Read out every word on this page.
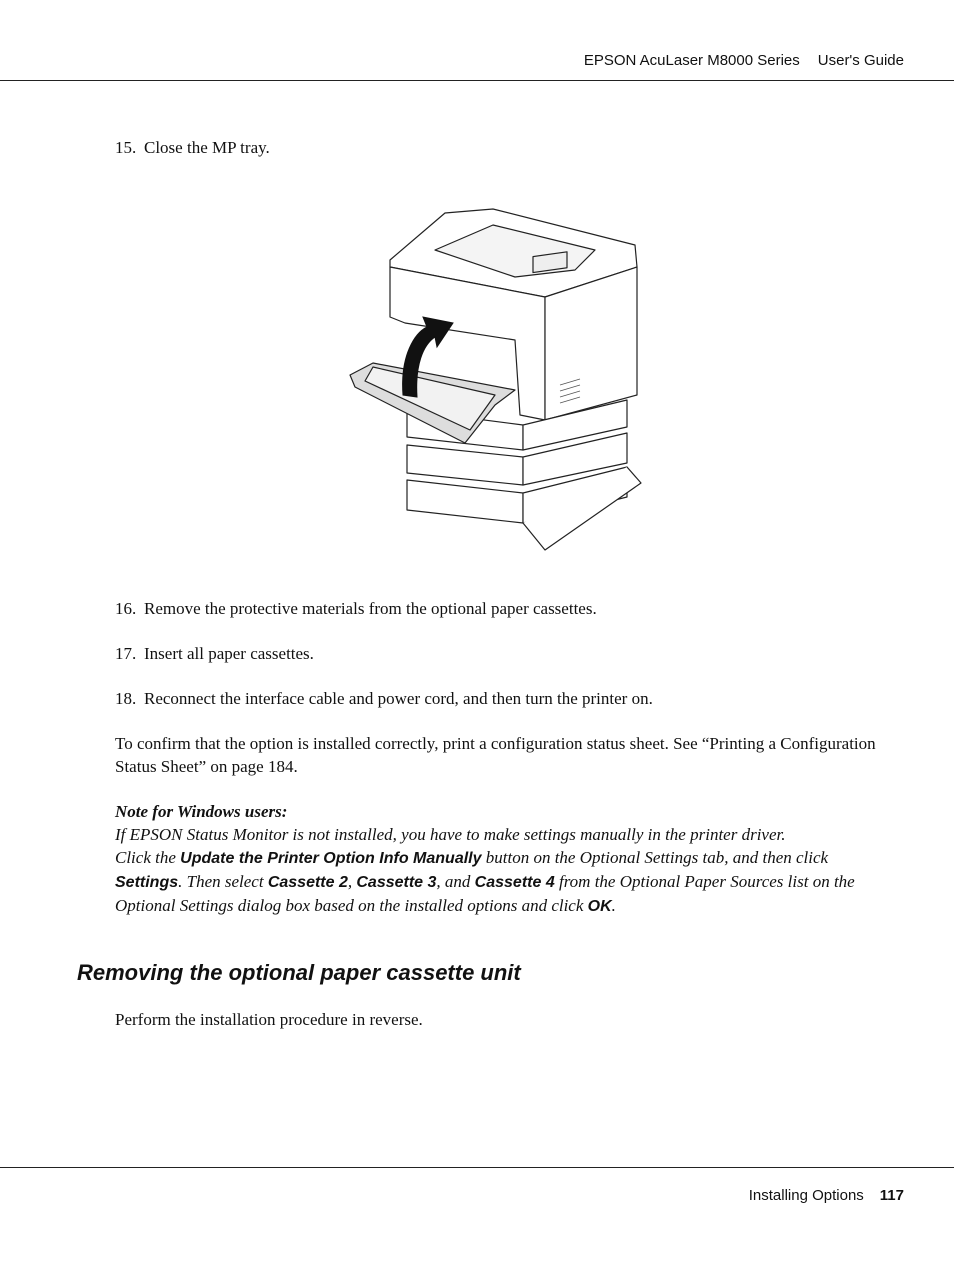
EPSON AcuLaser M8000 Series User's Guide
15. Close the MP tray.
16. Remove the protective materials from the optional paper cassettes.
17. Insert all paper cassettes.
18. Reconnect the interface cable and power cord, and then turn the printer on.
To confirm that the option is installed correctly, print a configuration status sheet. See “Printing a Configuration Status Sheet” on page 184.
Note for Windows users:
If EPSON Status Monitor is not installed, you have to make settings manually in the printer driver.
Click the Update the Printer Option Info Manually button on the Optional Settings tab, and then click Settings. Then select Cassette 2, Cassette 3, and Cassette 4 from the Optional Paper Sources list on the Optional Settings dialog box based on the installed options and click OK.
Removing the optional paper cassette unit
Perform the installation procedure in reverse.
Installing Options 117
